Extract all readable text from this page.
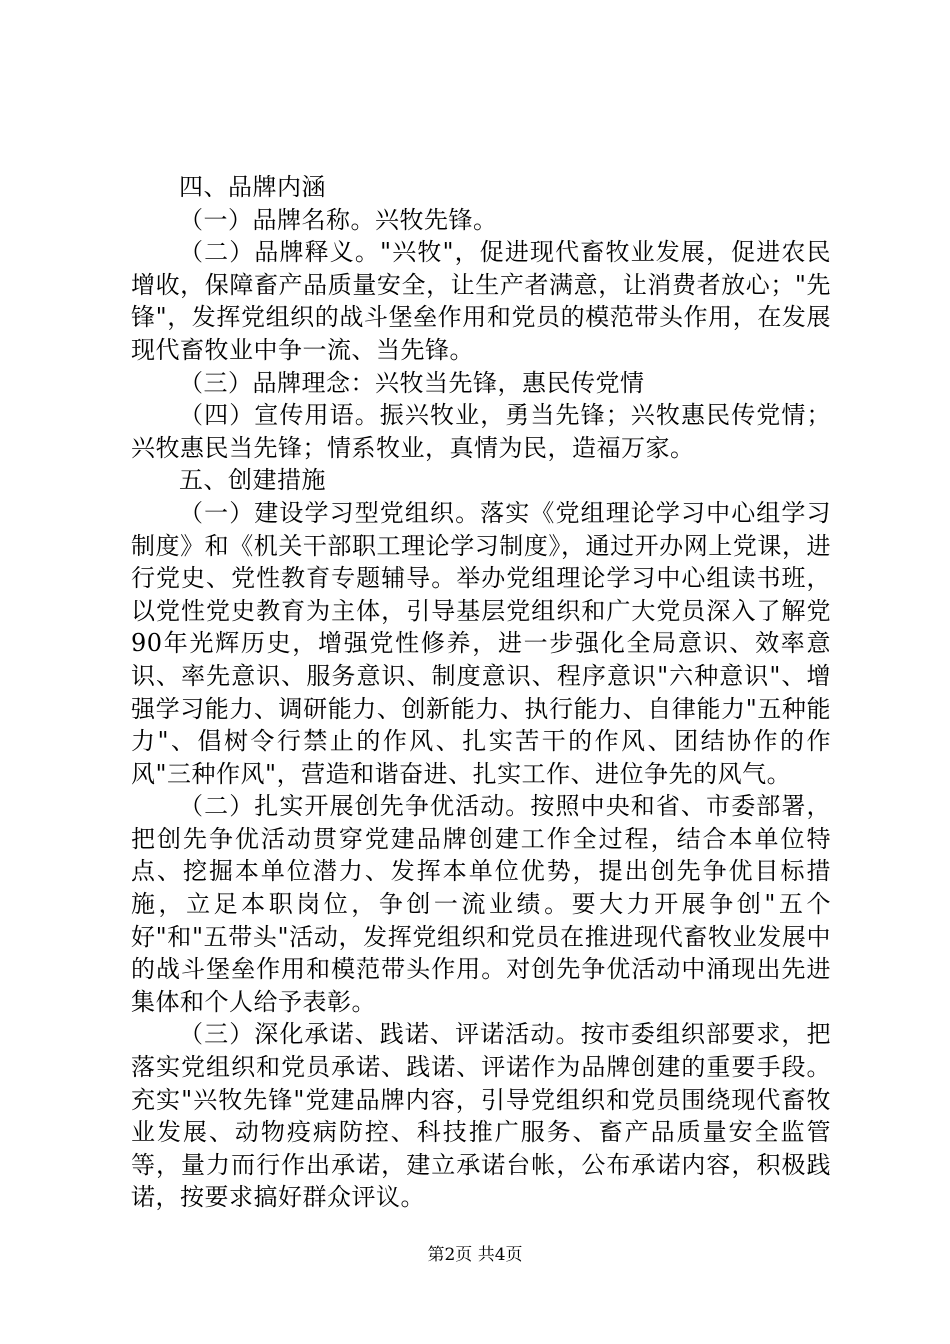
四、品牌内涵

（一）品牌名称。兴牧先锋。

（二）品牌释义。"兴牧"，促进现代畜牧业发展，促进农民增收，保障畜产品质量安全，让生产者满意，让消费者放心；"先锋"，发挥党组织的战斗堡垒作用和党员的模范带头作用，在发展现代畜牧业中争一流、当先锋。

（三）品牌理念：兴牧当先锋，惠民传党情

（四）宣传用语。振兴牧业，勇当先锋；兴牧惠民传党情；兴牧惠民当先锋；情系牧业，真情为民，造福万家。

五、创建措施

（一）建设学习型党组织。落实《党组理论学习中心组学习制度》和《机关干部职工理论学习制度》，通过开办网上党课，进行党史、党性教育专题辅导。举办党组理论学习中心组读书班，以党性党史教育为主体，引导基层党组织和广大党员深入了解党90年光辉历史，增强党性修养，进一步强化全局意识、效率意识、率先意识、服务意识、制度意识、程序意识"六种意识"、增强学习能力、调研能力、创新能力、执行能力、自律能力"五种能力"、倡树令行禁止的作风、扎实苦干的作风、团结协作的作风"三种作风"，营造和谐奋进、扎实工作、进位争先的风气。

（二）扎实开展创先争优活动。按照中央和省、市委部署，把创先争优活动贯穿党建品牌创建工作全过程，结合本单位特点、挖掘本单位潜力、发挥本单位优势，提出创先争优目标措施，立足本职岗位，争创一流业绩。要大力开展争创"五个好"和"五带头"活动，发挥党组织和党员在推进现代畜牧业发展中的战斗堡垒作用和模范带头作用。对创先争优活动中涌现出先进集体和个人给予表彰。

（三）深化承诺、践诺、评诺活动。按市委组织部要求，把落实党组织和党员承诺、践诺、评诺作为品牌创建的重要手段。充实"兴牧先锋"党建品牌内容，引导党组织和党员围绕现代畜牧业发展、动物疫病防控、科技推广服务、畜产品质量安全监管等，量力而行作出承诺，建立承诺台帐，公布承诺内容，积极践诺，按要求搞好群众评议。

第2页 共4页
